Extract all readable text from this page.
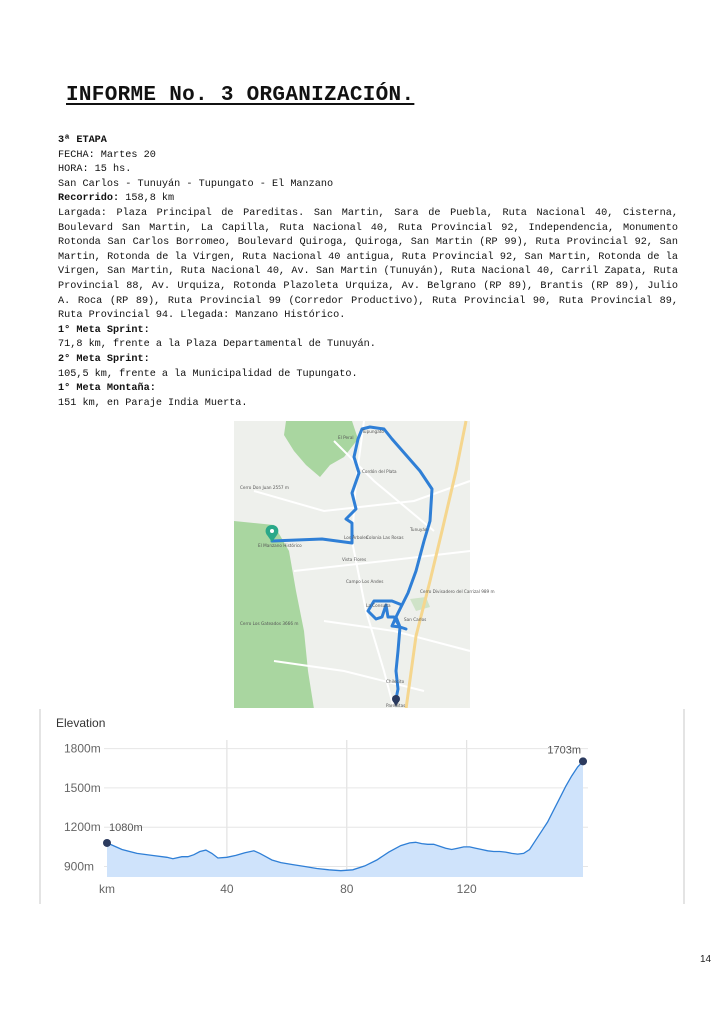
INFORME No. 3 ORGANIZACIÓN.
3ª ETAPA
FECHA: Martes 20
HORA: 15 hs.
San Carlos - Tunuyán - Tupungato - El Manzano
Recorrido: 158,8 km
Largada: Plaza Principal de Pareditas. San Martin, Sara de Puebla, Ruta Nacional 40, Cisterna, Boulevard San Martin, La Capilla, Ruta Nacional 40, Ruta Provincial 92, Independencia, Monumento Rotonda San Carlos Borromeo, Boulevard Quiroga, Quiroga, San Martin (RP 99), Ruta Provincial 92, San Martin, Rotonda de la Virgen, Ruta Nacional 40 antigua, Ruta Provincial 92, San Martin, Rotonda de la Virgen, San Martin, Ruta Nacional 40, Av. San Martin (Tunuyán), Ruta Nacional 40, Carril Zapata, Ruta Provincial 88, Av. Urquiza, Rotonda Plazoleta Urquiza, Av. Belgrano (RP 89), Brantis (RP 89), Julio A. Roca (RP 89), Ruta Provincial 99 (Corredor Productivo), Ruta Provincial 90, Ruta Provincial 89, Ruta Provincial 94. Llegada: Manzano Histórico.
1° Meta Sprint:
71,8 km, frente a la Plaza Departamental de Tunuyán.
2° Meta Sprint:
105,5 km, frente a la Municipalidad de Tupungato.
1° Meta Montaña:
151 km, en Paraje India Muerta.
Tupungato
El Peral
Cordón del Plata
Cerro Don Juan 2557 m
El Manzano Histórico
Los Árboles
Colonia Las Rosas
Tunuyán
Vista Flores
Campo Los Andes
Cerro Divisadero del Carrizal 989 m
La Consulta
San Carlos
Cerro Los Gateados 3666 m
Chilecito
Pareditas
Elevation
1800m
1500m
1200m
900m
km	40	80	120
1080m
1703m
14
